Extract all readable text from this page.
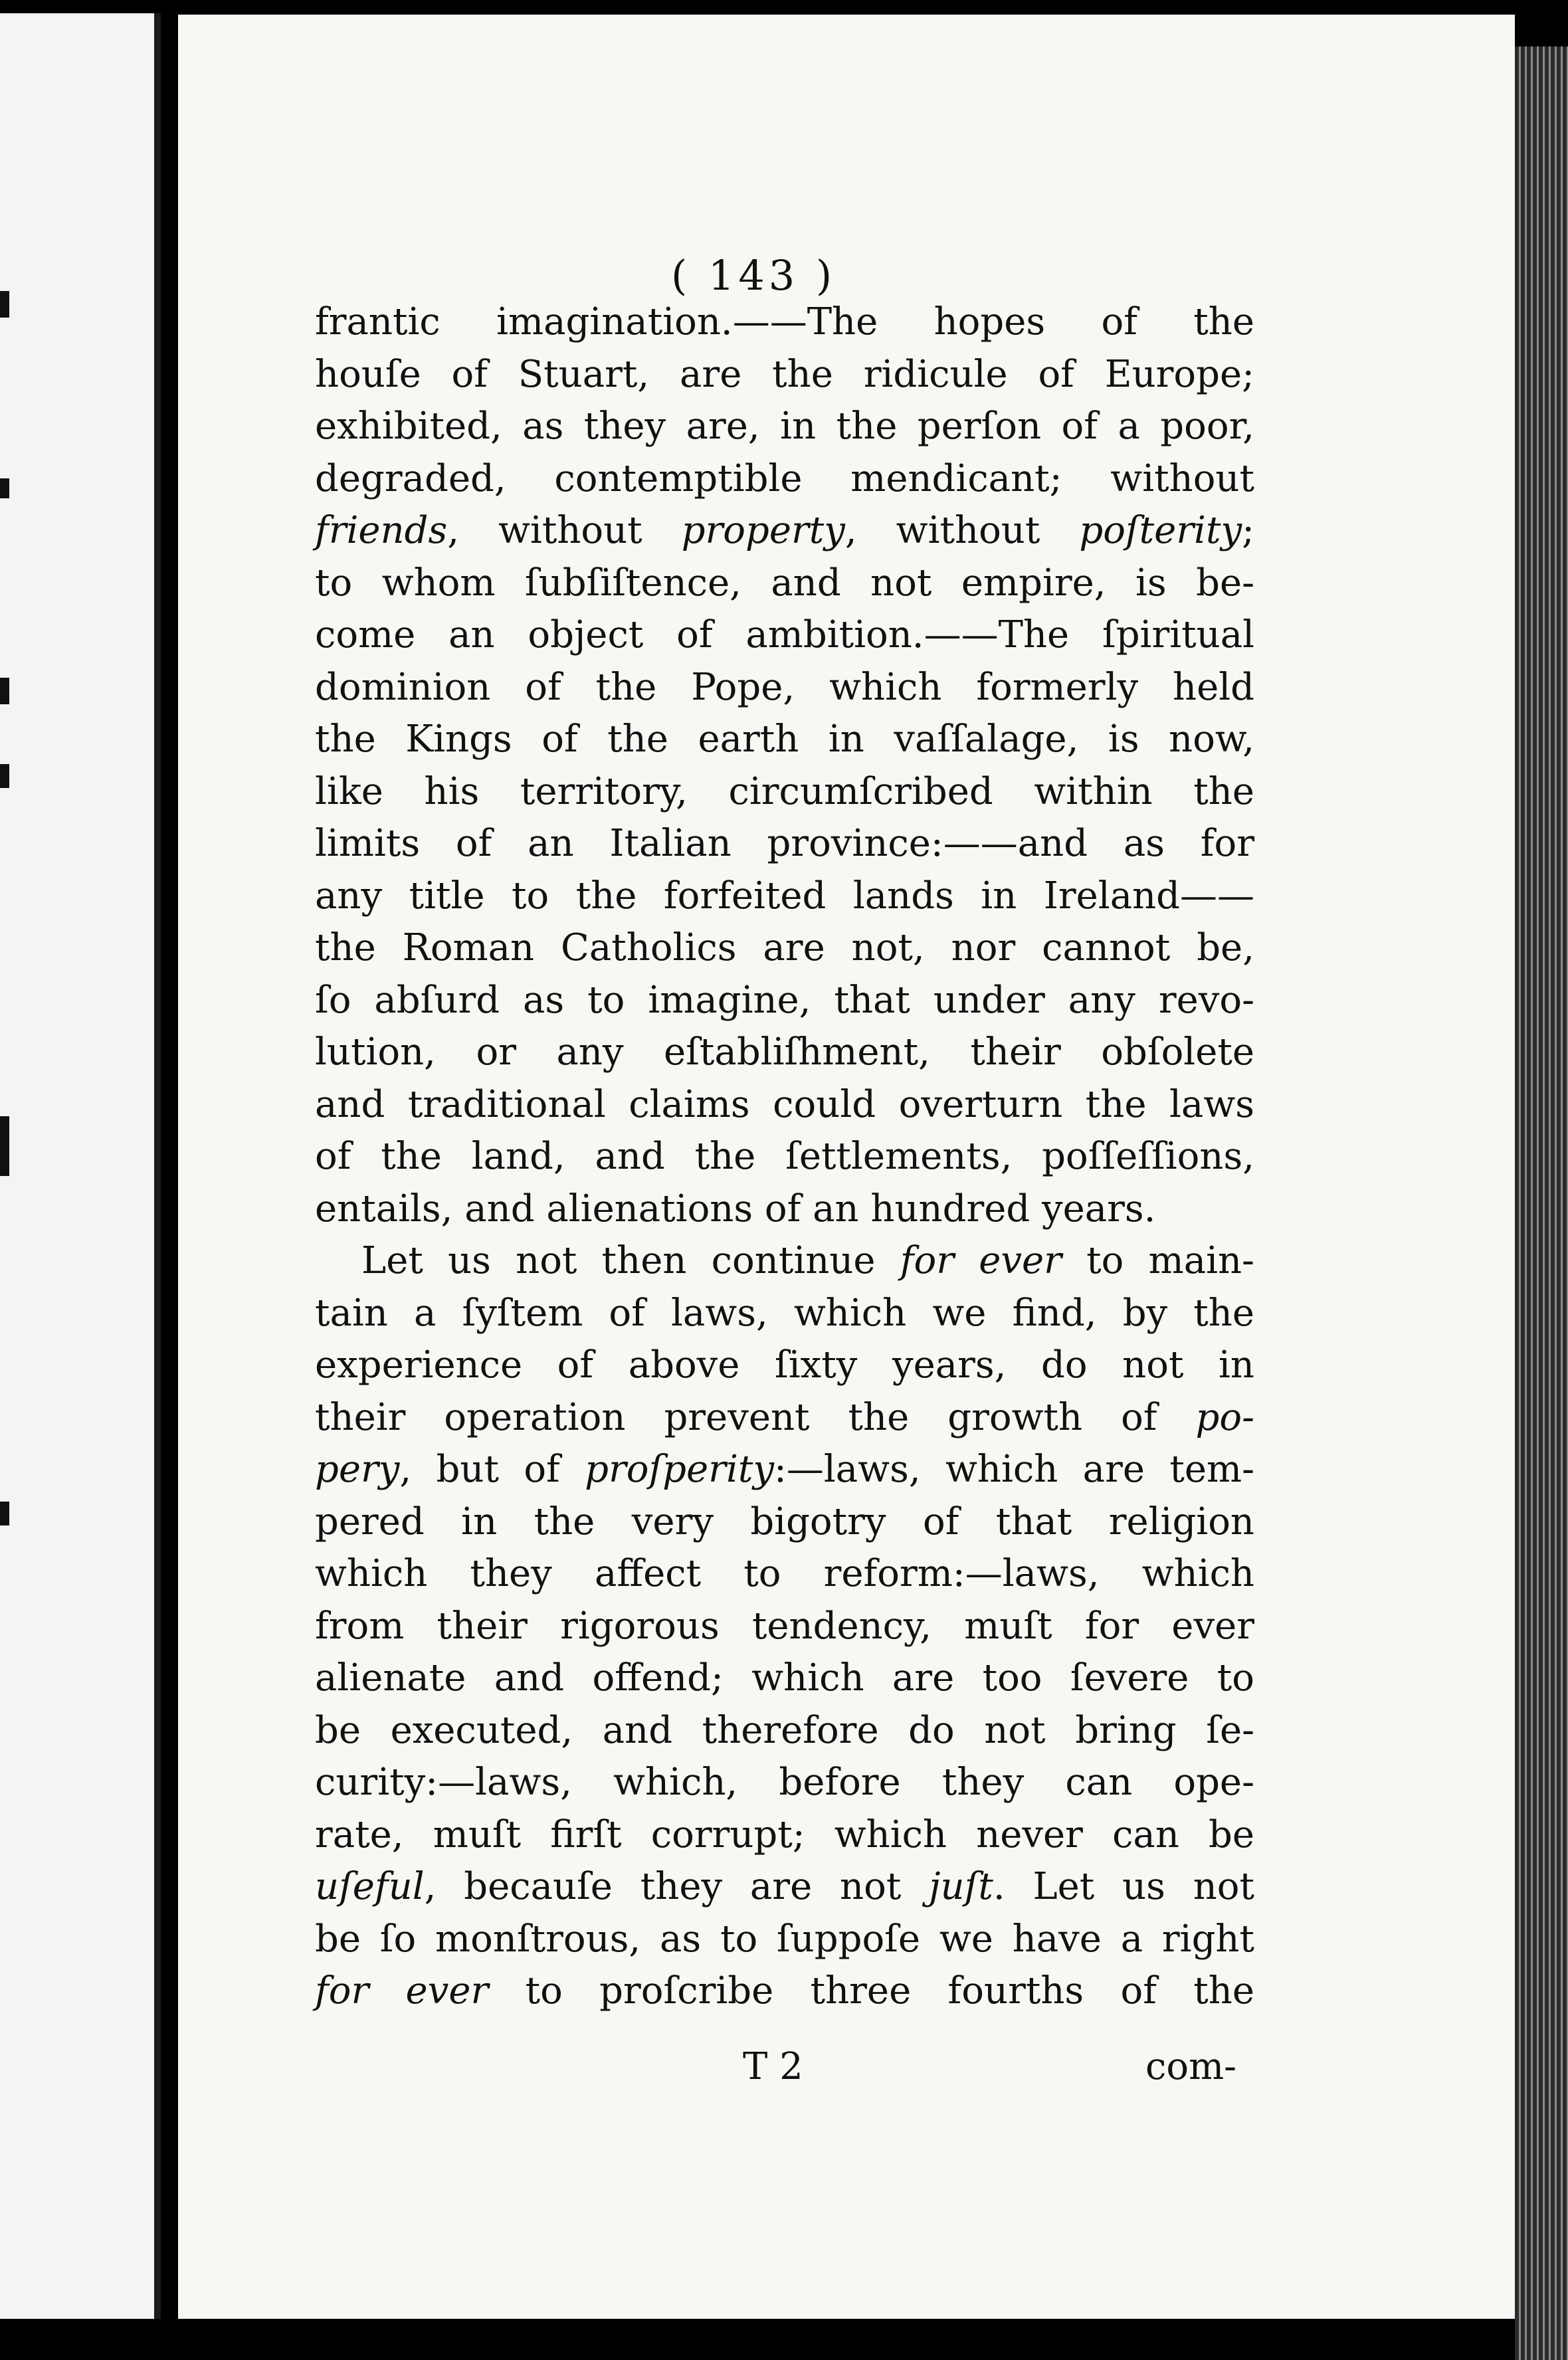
( 143 )
frantic imagination.——The hopes of the
houſe of Stuart, are the ridicule of Europe;
exhibited, as they are, in the perſon of a poor,
degraded, contemptible mendicant; without
friends, without property, without poſterity;
to whom ſubſiſtence, and not empire, is be-
come an object of ambition.——The ſpiritual
dominion of the Pope, which formerly held
the Kings of the earth in vaſſalage, is now,
like his territory, circumſcribed within the
limits of an Italian province:——and as for
any title to the forfeited lands in Ireland——
the Roman Catholics are not, nor cannot be,
ſo abſurd as to imagine, that under any revo-
lution, or any eſtabliſhment, their obſolete
and traditional claims could overturn the laws
of the land, and the ſettlements, poſſeſſions,
entails, and alienations of an hundred years.
Let us not then continue for ever to main-
tain a ſyſtem of laws, which we find, by the
experience of above ſixty years, do not in
their operation prevent the growth of po-
pery, but of proſperity:—laws, which are tem-
pered in the very bigotry of that religion
which they affect to reform:—laws, which
from their rigorous tendency, muſt for ever
alienate and offend; which are too ſevere to
be executed, and therefore do not bring ſe-
curity:—laws, which, before they can ope-
rate, muſt firſt corrupt; which never can be
uſeful, becauſe they are not juſt. Let us not
be ſo monſtrous, as to ſuppoſe we have a right
for ever to proſcribe three fourths of the
T 2	com-
